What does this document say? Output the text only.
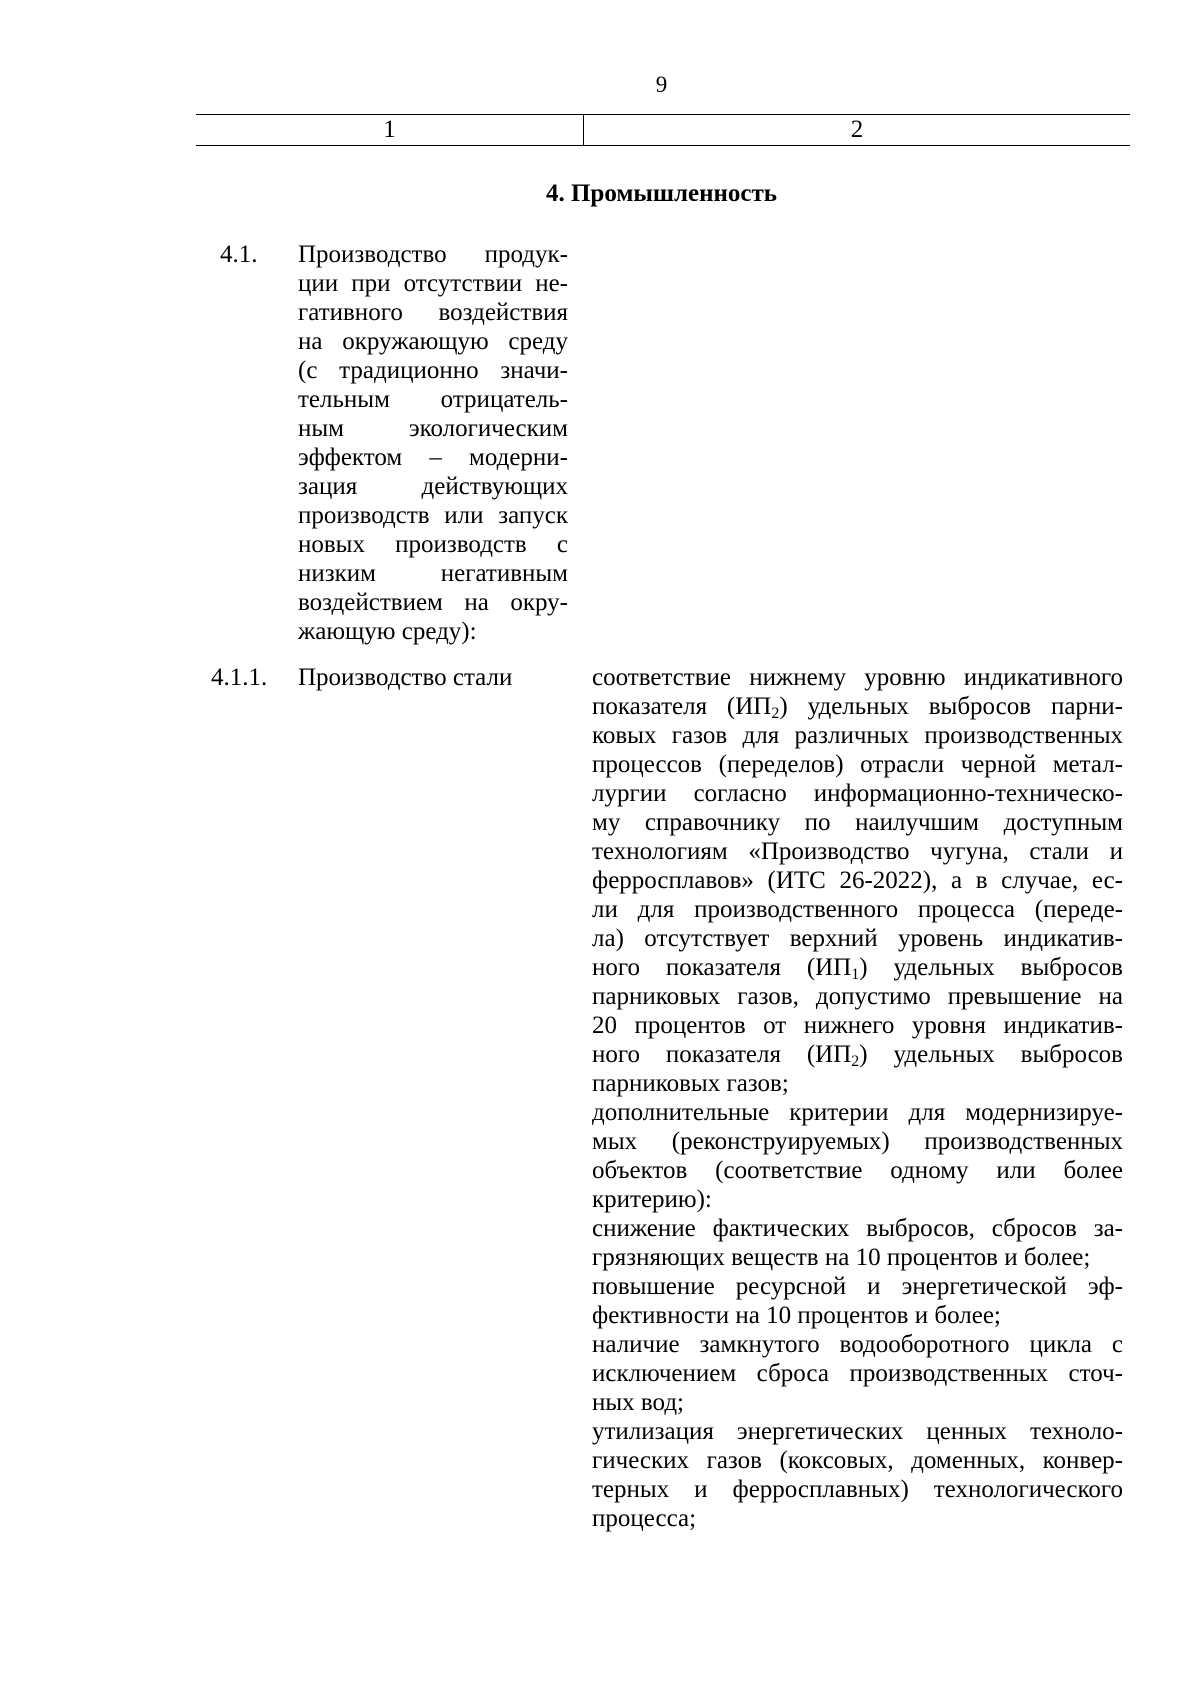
9
1	2
4. Промышленность
4.1. Производство продук-
ции при отсутствии не-
гативного воздействия
на окружающую среду
(с традиционно значи-
тельным отрицатель-
ным экологическим
эффектом – модерни-
зация действующих
производств или запуск
новых производств с
низким негативным
воздействием на окру-
жающую среду):
4.1.1. Производство стали	соответствие нижнему уровню индикативного
показателя $(ИП_2)$ удельных выбросов парни-
ковых газов для различных производственных
процессов (переделов) отрасли черной метал-
лургии согласно информационно-техническо-
му справочнику по наилучшим доступным
технологиям «Производство чугуна, стали и
ферросплавов» (ИТС 26-2022), а в случае, ес-
ли для производственного процесса (переде-
ла) отсутствует верхний уровень индикатив-
ного показателя $(ИП_1)$ удельных выбросов
парниковых газов, допустимо превышение на
20 процентов от нижнего уровня индикатив-
ного показателя $(ИП_2)$ удельных выбросов
парниковых газов;
дополнительные критерии для модернизируе-
мых (реконструируемых) производственных
объектов (соответствие одному или более
критерию):
снижение фактических выбросов, сбросов за-
грязняющих веществ на 10 процентов и более;
повышение ресурсной и энергетической эф-
фективности на 10 процентов и более;
наличие замкнутого водооборотного цикла с
исключением сброса производственных сточ-
ных вод;
утилизация энергетических ценных техноло-
гических газов (коксовых, доменных, конвер-
терных и ферросплавных) технологического
процесса;
